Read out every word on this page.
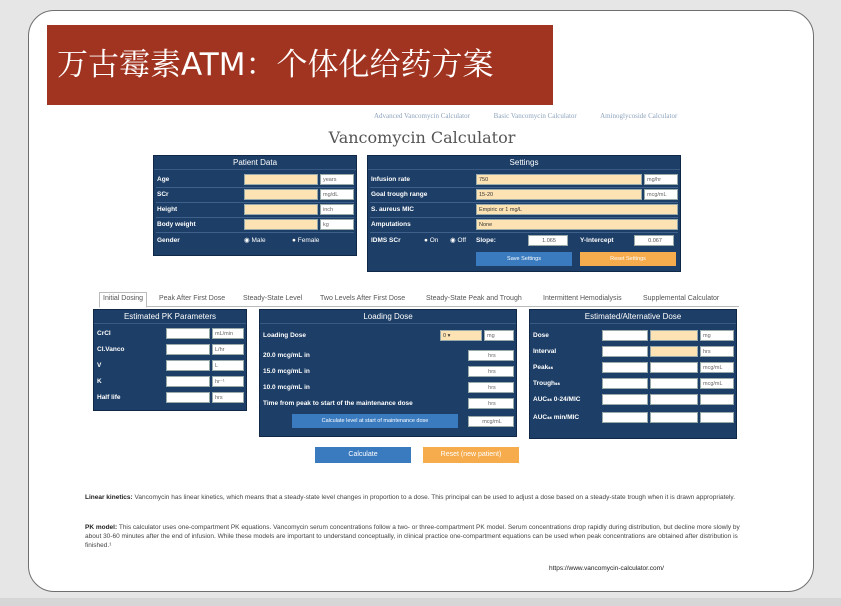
万古霉素ATM：个体化给药方案
Advanced Vancomycin Calculator	Basic Vancomycin Calculator	Aminoglycoside Calculator
Vancomycin Calculator
Patient Data
Age	years
SCr	mg/dL
Height	inch
Body weight	kg
Gender	◉ Male	● Female
Settings
Infusion rate	750	mg/hr
Goal trough range	15-20	mcg/mL
S. aureus MIC	Empiric or 1 mg/L
Amputations	None
IDMS SCr	● On ◉ Off Slope:	1.065	Y-Intercept	0.067
Save Settings	Reset Settings
Initial Dosing	Peak After First Dose	Steady-State Level	Two Levels After First Dose	Steady-State Peak and Trough	Intermittent Hemodialysis	Supplemental Calculator
Estimated PK Parameters
CrCl	mL/min
Cl.Vanco	L/hr
V	L
K	hr⁻¹
Half life	hrs
Loading Dose
Loading Dose	0 ▾	mg
20.0 mcg/mL in	hrs
15.0 mcg/mL in	hrs
10.0 mcg/mL in	hrs
Time from peak to start of the maintenance dose	hrs
Calculate level at start of maintenance dose	mcg/mL
Estimated/Alternative Dose
Dose	mg
Interval	hrs
Peakₛₛ	mcg/mL
Troughₛₛ	mcg/mL
AUCₛₛ 0-24/MIC
AUCₛₛ min/MIC
Calculate	Reset (new patient)
Linear kinetics: Vancomycin has linear kinetics, which means that a steady-state level changes in proportion to a dose. This principal can be used to adjust a dose based on a steady-state trough when it is drawn appropriately.
PK model: This calculator uses one-compartment PK equations. Vancomycin serum concentrations follow a two- or three-compartment PK model. Serum concentrations drop rapidly during distribution, but decline more slowly by about 30-60 minutes after the end of infusion. While these models are important to understand conceptually, in clinical practice one-compartment equations can be used when peak concentrations are obtained after distribution is finished.¹
https://www.vancomycin-calculator.com/
